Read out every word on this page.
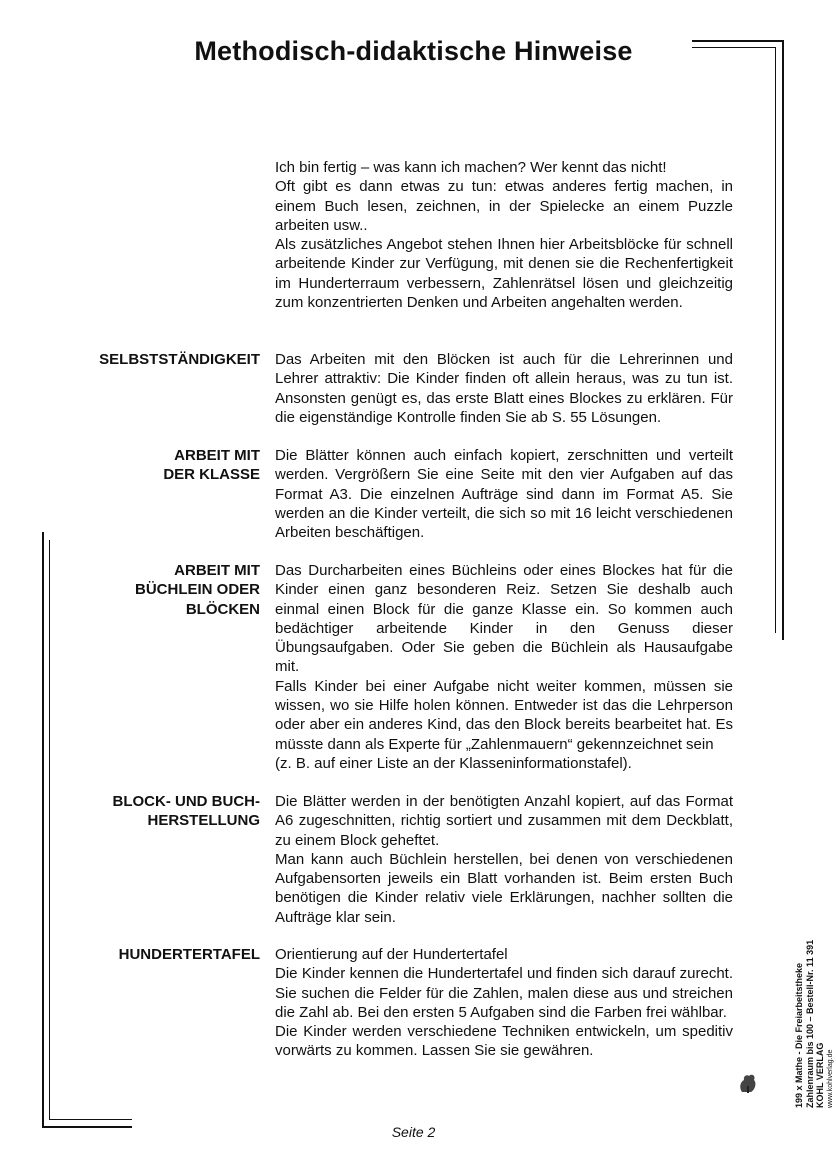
Methodisch-didaktische Hinweise

Ich bin fertig – was kann ich machen? Wer kennt das nicht!

Oft gibt es dann etwas zu tun: etwas anderes fertig machen, in einem Buch lesen, zeichnen, in der Spielecke an einem Puzzle arbeiten usw..

Als zusätzliches Angebot stehen Ihnen hier Arbeitsblöcke für schnell arbeitende Kinder zur Verfügung, mit denen sie die Rechenfertigkeit im Hunderterraum verbessern, Zahlenrätsel lösen und gleichzeitig zum konzentrierten Denken und Arbeiten angehalten werden.

SELBSTSTÄNDIGKEIT Das Arbeiten mit den Blöcken ist auch für die Lehrerinnen und Lehrer attraktiv: Die Kinder finden oft allein heraus, was zu tun ist. Ansonsten genügt es, das erste Blatt eines Blockes zu erklären. Für die eigenständige Kontrolle finden Sie ab S. 55 Lösungen.

ARBEIT MIT
DER KLASSE

Die Blätter können auch einfach kopiert, zerschnitten und verteilt werden. Vergrößern Sie eine Seite mit den vier Aufgaben auf das Format A3. Die einzelnen Aufträge sind dann im Format A5. Sie werden an die Kinder verteilt, die sich so mit 16 leicht verschiedenen Arbeiten beschäftigen.

ARBEIT MIT
BÜCHLEIN ODER
BLÖCKEN

Das Durcharbeiten eines Büchleins oder eines Blockes hat für die Kinder einen ganz besonderen Reiz. Setzen Sie deshalb auch einmal einen Block für die ganze Klasse ein. So kommen auch bedächtiger arbeitende Kinder in den Genuss dieser Übungsaufgaben. Oder Sie geben die Büchlein als Hausaufgabe mit.

Falls Kinder bei einer Aufgabe nicht weiter kommen, müssen sie wissen, wo sie Hilfe holen können. Entweder ist das die Lehrperson oder aber ein anderes Kind, das den Block bereits bearbeitet hat. Es müsste dann als Experte für „Zahlenmauern“ gekennzeichnet sein

(z. B. auf einer Liste an der Klasseninformationstafel).

BLOCK- UND BUCH-
HERSTELLUNG

Die Blätter werden in der benötigten Anzahl kopiert, auf das Format A6 zugeschnitten, richtig sortiert und zusammen mit dem Deckblatt, zu einem Block geheftet.

Man kann auch Büchlein herstellen, bei denen von verschiedenen Aufgabensorten jeweils ein Blatt vorhanden ist. Beim ersten Buch benötigen die Kinder relativ viele Erklärungen, nachher sollten die Aufträge klar sein.

HUNDERTERTAFEL Orientierung auf der Hundertertafel

Die Kinder kennen die Hundertertafel und finden sich darauf zurecht. Sie suchen die Felder für die Zahlen, malen diese aus und streichen die Zahl ab. Bei den ersten 5 Aufgaben sind die Farben frei wählbar.

Die Kinder werden verschiedene Techniken entwickeln, um speditiv vorwärts zu kommen. Lassen Sie sie gewähren.	199 x Mathe - Die Freiarbeitstheke Zahlenraum bis 100 – Bestell-Nr. 11 391 KOHL VERLAG www.kohlverlag.de
Seite 2
